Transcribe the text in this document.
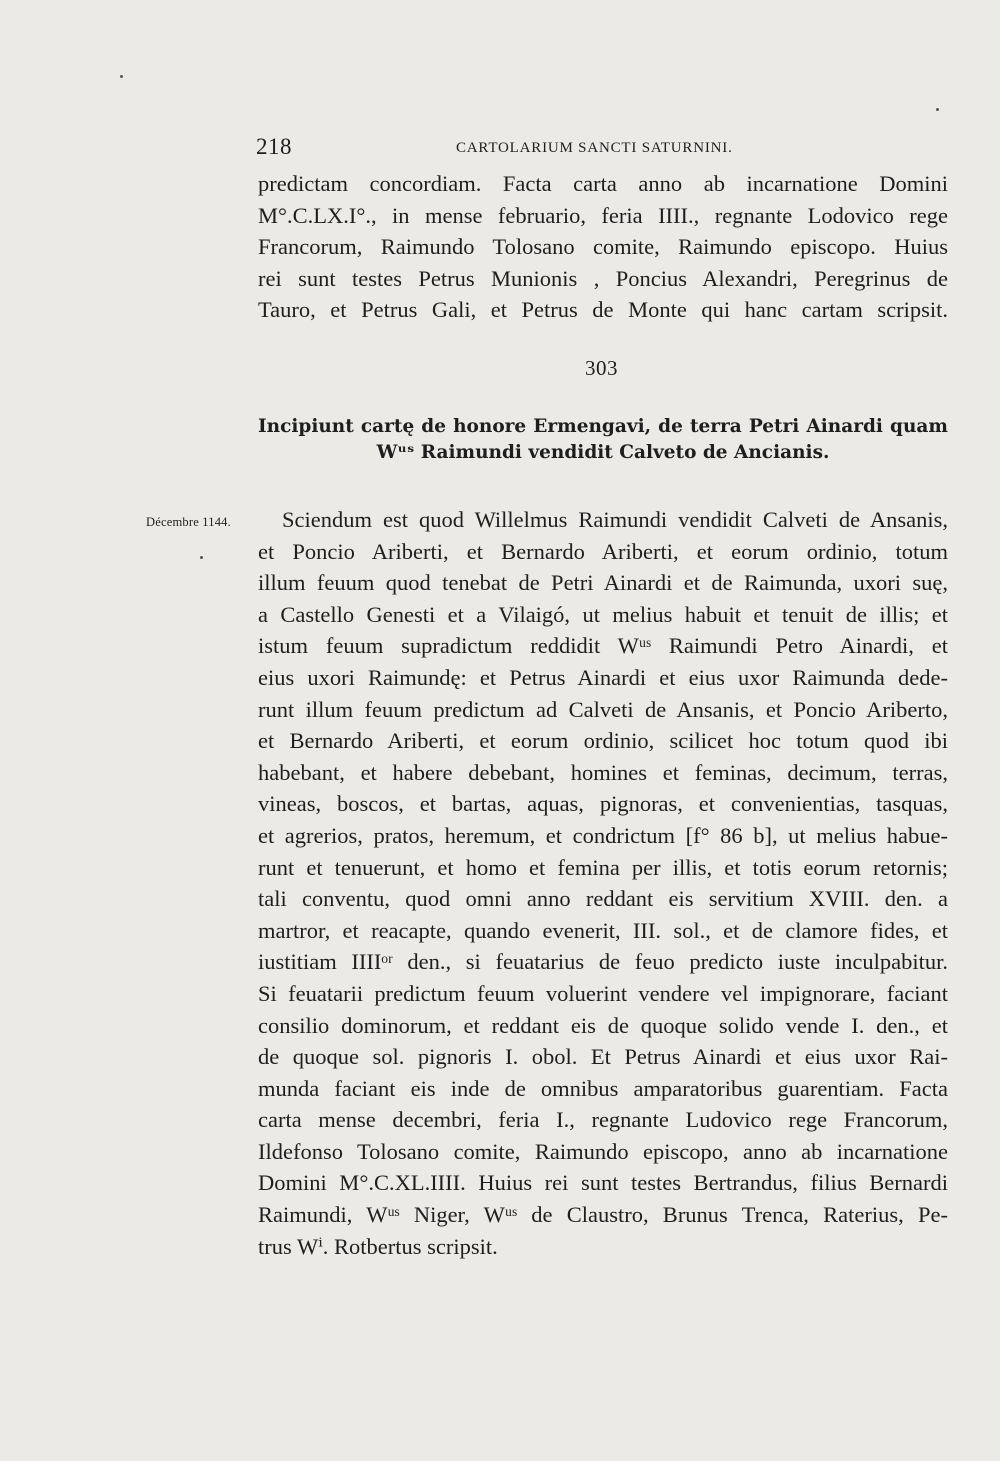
218	CARTOLARIUM SANCTI SATURNINI.
predictam concordiam. Facta carta anno ab incarnatione Domini
M°.C.LX.I°., in mense februario, feria IIII., regnante Lodovico rege
Francorum, Raimundo Tolosano comite, Raimundo episcopo. Huius
rei sunt testes Petrus Munionis , Poncius Alexandri, Peregrinus de
Tauro, et Petrus Gali, et Petrus de Monte qui hanc cartam scripsit.
303
Incipiunt cartę de honore Ermengavi, de terra Petri Ainardi quam
Wᵘˢ Raimundi vendidit Calveto de Ancianis.
Décembre 1144.	Sciendum est quod Willelmus Raimundi vendidit Calveti de Ansanis,
et Poncio Ariberti, et Bernardo Ariberti, et eorum ordinio, totum
illum feuum quod tenebat de Petri Ainardi et de Raimunda, uxori suę,
a Castello Genesti et a Vilaigó, ut melius habuit et tenuit de illis; et
istum feuum supradictum reddidit Wᵘˢ Raimundi Petro Ainardi, et
eius uxori Raimundę: et Petrus Ainardi et eius uxor Raimunda dede-
runt illum feuum predictum ad Calveti de Ansanis, et Poncio Ariberto,
et Bernardo Ariberti, et eorum ordinio, scilicet hoc totum quod ibi
habebant, et habere debebant, homines et feminas, decimum, terras,
vineas, boscos, et bartas, aquas, pignoras, et convenientias, tasquas,
et agrerios, pratos, heremum, et condrictum [f° 86 b], ut melius habue-
runt et tenuerunt, et homo et femina per illis, et totis eorum retornis;
tali conventu, quod omni anno reddant eis servitium XVIII. den. a
martror, et reacapte, quando evenerit, III. sol., et de clamore fides, et
iustitiam IIIIᵒʳ den., si feuatarius de feuo predicto iuste inculpabitur.
Si feuatarii predictum feuum voluerint vendere vel impignorare, faciant
consilio dominorum, et reddant eis de quoque solido vende I. den., et
de quoque sol. pignoris I. obol. Et Petrus Ainardi et eius uxor Rai-
munda faciant eis inde de omnibus amparatoribus guarentiam. Facta
carta mense decembri, feria I., regnante Ludovico rege Francorum,
Ildefonso Tolosano comite, Raimundo episcopo, anno ab incarnatione
Domini M°.C.XL.IIII. Huius rei sunt testes Bertrandus, filius Bernardi
Raimundi, Wᵘˢ Niger, Wᵘˢ de Claustro, Brunus Trenca, Raterius, Pe-
trus Wⁱ. Rotbertus scripsit.
